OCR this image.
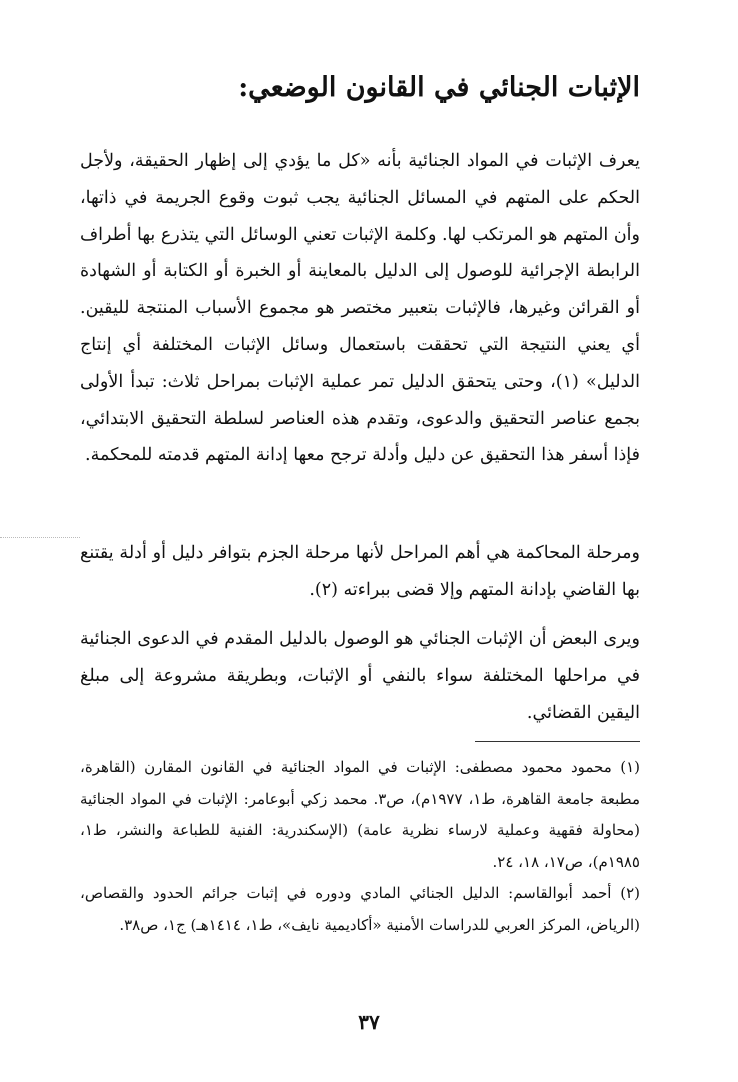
الإثبات الجنائي في القانون الوضعي:

يعرف الإثبات في المواد الجنائية بأنه «كل ما يؤدي إلى إظهار الحقيقة، ولأجل الحكم على المتهم في المسائل الجنائية يجب ثبوت وقوع الجريمة في ذاتها، وأن المتهم هو المرتكب لها. وكلمة الإثبات تعني الوسائل التي يتذرع بها أطراف الرابطة الإجرائية للوصول إلى الدليل بالمعاينة أو الخبرة أو الكتابة أو الشهادة أو القرائن وغيرها، فالإثبات بتعبير مختصر هو مجموع الأسباب المنتجة لليقين. أي يعني النتيجة التي تحققت باستعمال وسائل الإثبات المختلفة أي إنتاج الدليل» (١)، وحتى يتحقق الدليل تمر عملية الإثبات بمراحل ثلاث: تبدأ الأولى بجمع عناصر التحقيق والدعوى، وتقدم هذه العناصر لسلطة التحقيق الابتدائي، فإذا أسفر هذا التحقيق عن دليل وأدلة ترجح معها إدانة المتهم قدمته للمحكمة.

ومرحلة المحاكمة هي أهم المراحل لأنها مرحلة الجزم بتوافر دليل أو أدلة يقتنع بها القاضي بإدانة المتهم وإلا قضى ببراءته (٢).

ويرى البعض أن الإثبات الجنائي هو الوصول بالدليل المقدم في الدعوى الجنائية في مراحلها المختلفة سواء بالنفي أو الإثبات، وبطريقة مشروعة إلى مبلغ اليقين القضائي.

(١) محمود محمود مصطفى: الإثبات في المواد الجنائية في القانون المقارن (القاهرة، مطبعة جامعة القاهرة، ط١، ١٩٧٧م)، ص٣. محمد زكي أبوعامر: الإثبات في المواد الجنائية (محاولة فقهية وعملية لارساء نظرية عامة) (الإسكندرية: الفنية للطباعة والنشر، ط١، ١٩٨٥م)، ص١٧، ١٨، ٢٤.

(٢) أحمد أبوالقاسم: الدليل الجنائي المادي ودوره في إثبات جرائم الحدود والقصاص، (الرياض، المركز العربي للدراسات الأمنية «أكاديمية نايف»، ط١، ١٤١٤هـ) ج١، ص٣٨.

٣٧
